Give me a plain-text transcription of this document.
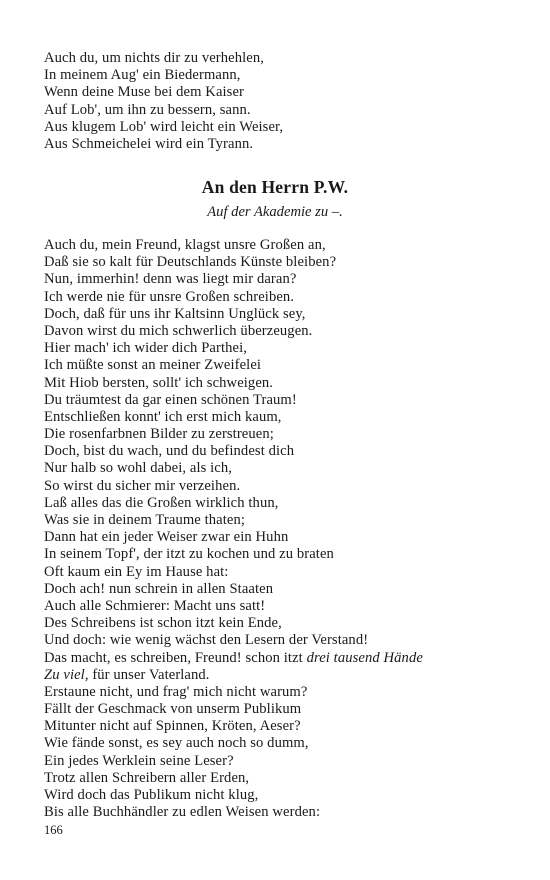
Auch du, um nichts dir zu verhehlen,
In meinem Aug' ein Biedermann,
Wenn deine Muse bei dem Kaiser
Auf Lob', um ihn zu bessern, sann.
Aus klugem Lob' wird leicht ein Weiser,
Aus Schmeichelei wird ein Tyrann.
An den Herrn P.W.
Auf der Akademie zu –.
Auch du, mein Freund, klagst unsre Großen an,
Daß sie so kalt für Deutschlands Künste bleiben?
Nun, immerhin! denn was liegt mir daran?
Ich werde nie für unsre Großen schreiben.
Doch, daß für uns ihr Kaltsinn Unglück sey,
Davon wirst du mich schwerlich überzeugen.
Hier mach' ich wider dich Parthei,
Ich müßte sonst an meiner Zweifelei
Mit Hiob bersten, sollt' ich schweigen.
Du träumtest da gar einen schönen Traum!
Entschließen konnt' ich erst mich kaum,
Die rosenfarbnen Bilder zu zerstreuen;
Doch, bist du wach, und du befindest dich
Nur halb so wohl dabei, als ich,
So wirst du sicher mir verzeihen.
Laß alles das die Großen wirklich thun,
Was sie in deinem Traume thaten;
Dann hat ein jeder Weiser zwar ein Huhn
In seinem Topf', der itzt zu kochen und zu braten
Oft kaum ein Ey im Hause hat:
Doch ach! nun schrein in allen Staaten
Auch alle Schmierer: Macht uns satt!
Des Schreibens ist schon itzt kein Ende,
Und doch: wie wenig wächst den Lesern der Verstand!
Das macht, es schreiben, Freund! schon itzt drei tausend Hände
Zu viel, für unser Vaterland.
Erstaune nicht, und frag' mich nicht warum?
Fällt der Geschmack von unserm Publikum
Mitunter nicht auf Spinnen, Kröten, Aeser?
Wie fände sonst, es sey auch noch so dumm,
Ein jedes Werklein seine Leser?
Trotz allen Schreibern aller Erden,
Wird doch das Publikum nicht klug,
Bis alle Buchhändler zu edlen Weisen werden:
166
